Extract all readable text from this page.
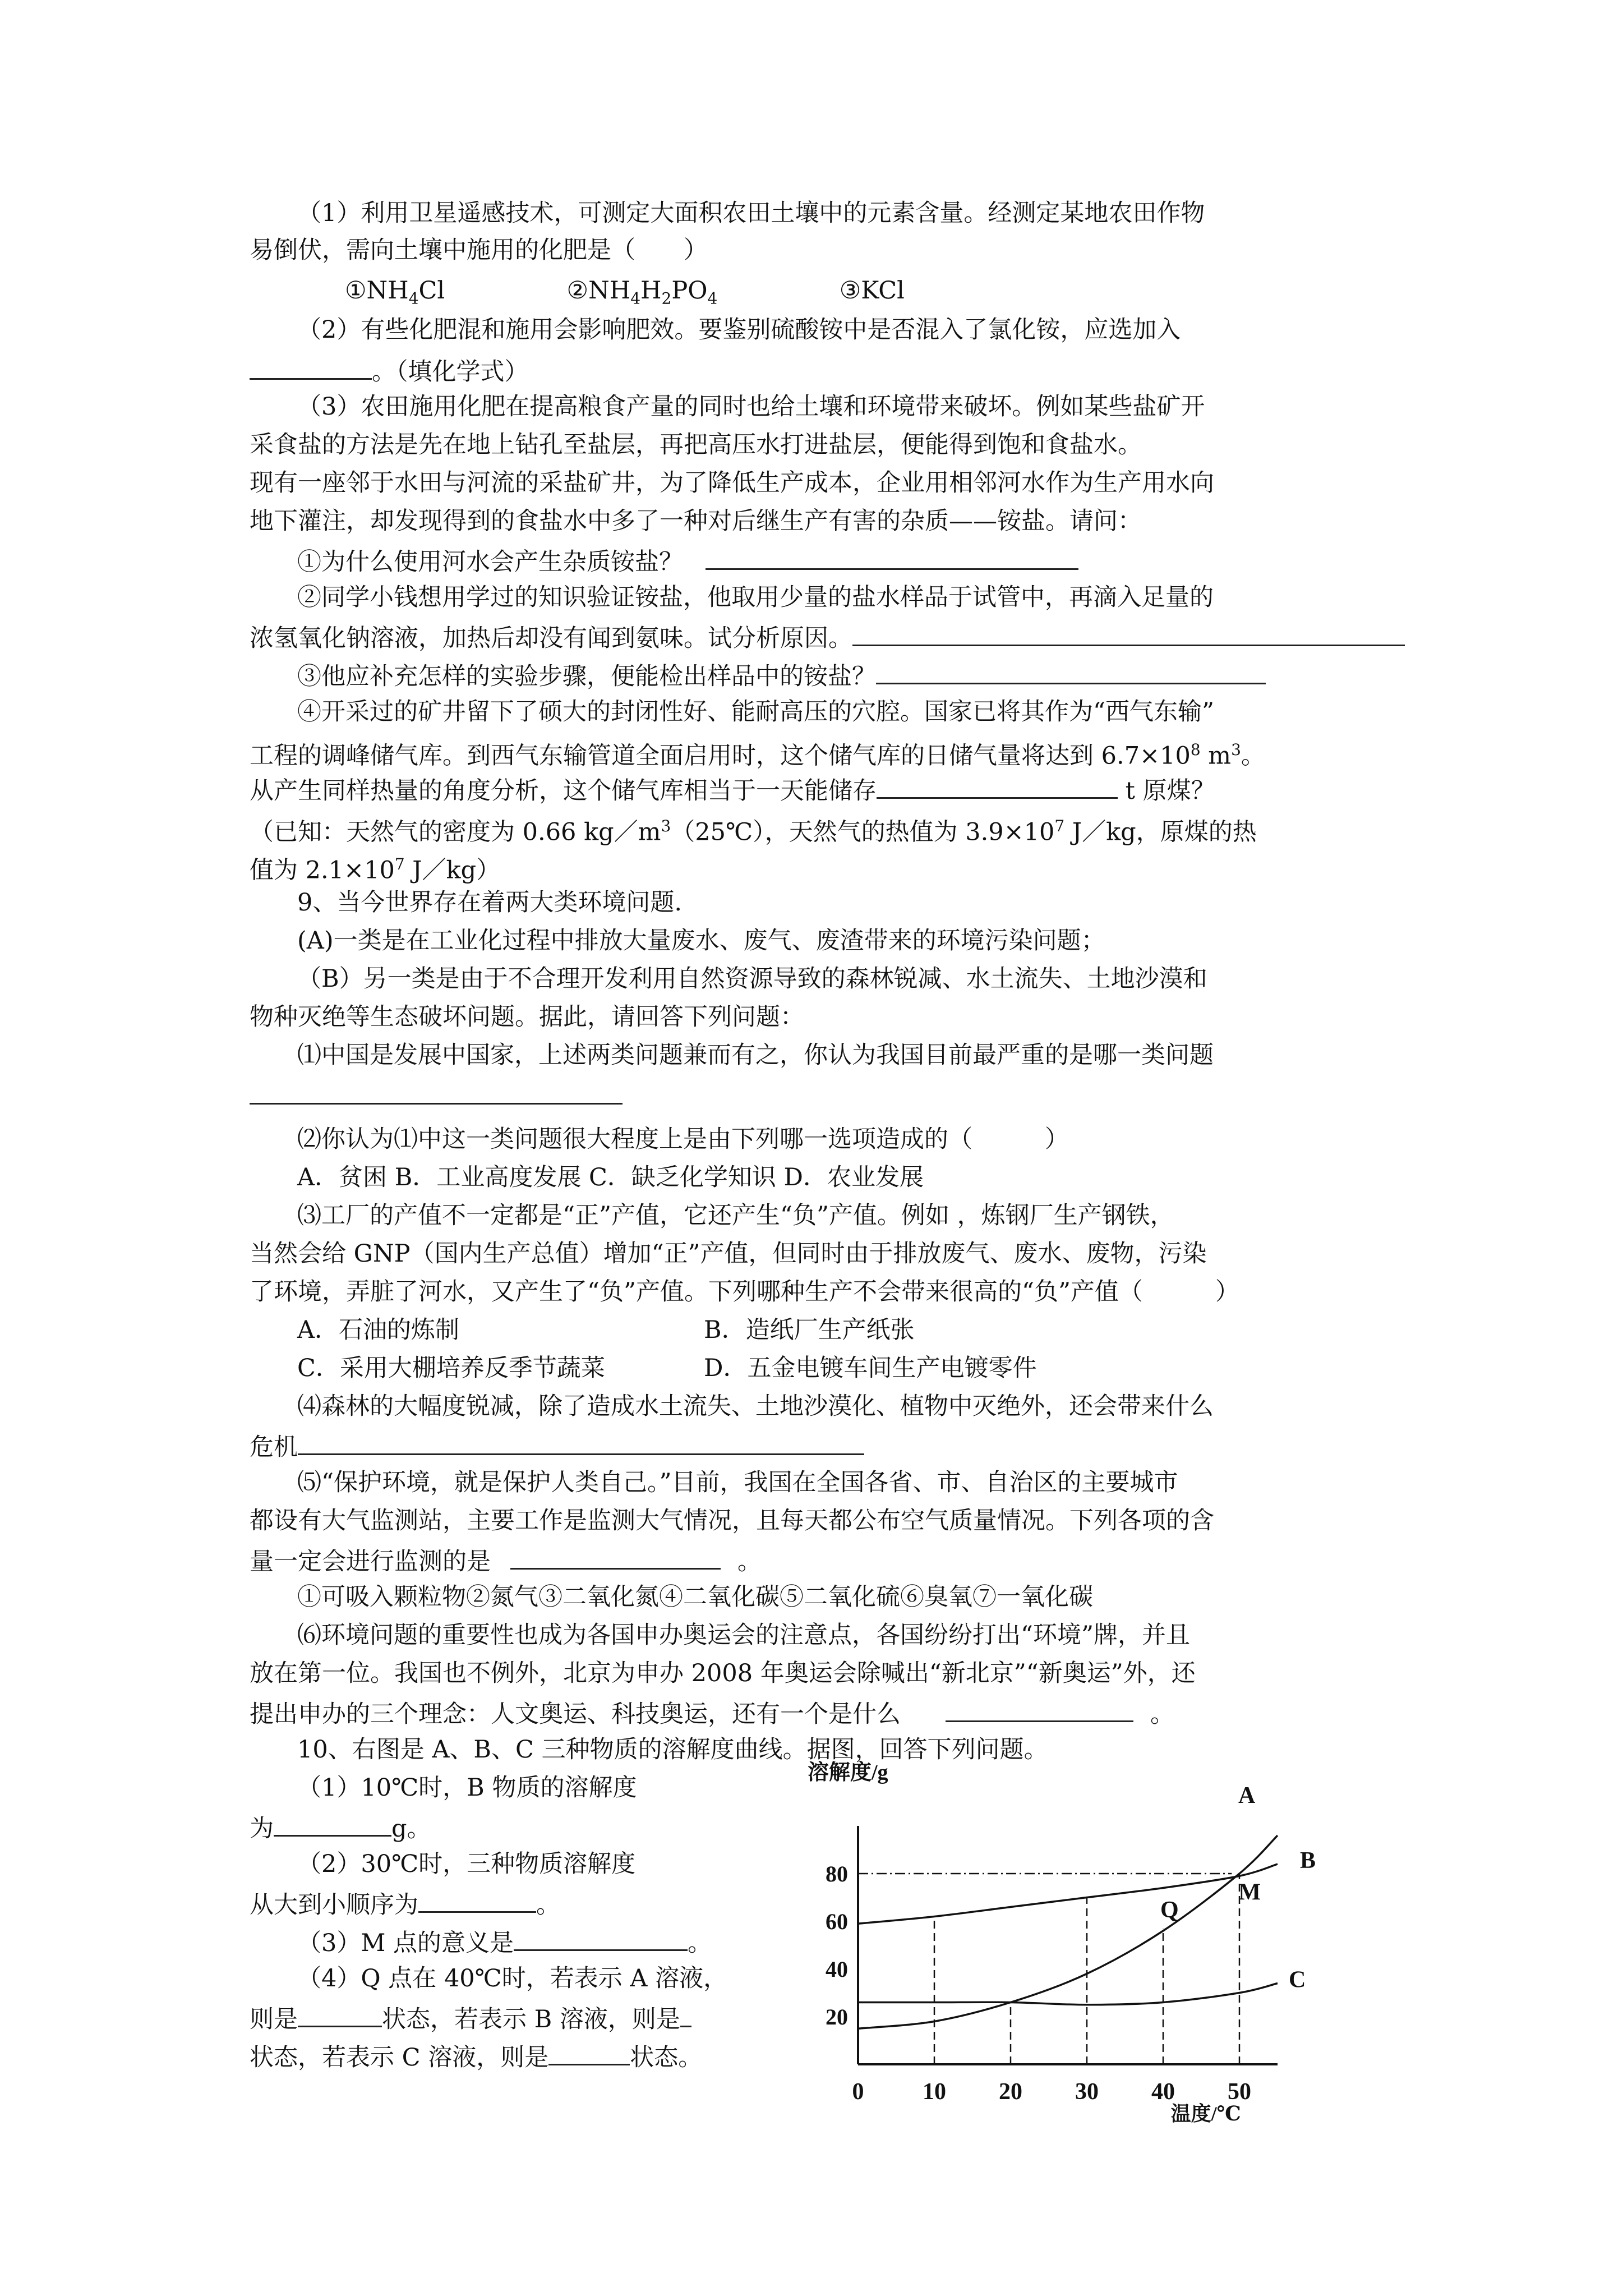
（1）利用卫星遥感技术，可测定大面积农田土壤中的元素含量。经测定某地农田作物
易倒伏，需向土壤中施用的化肥是（　　）
$①NH_4Cl$	$②NH_4H_2PO_4$	③KCl
（2）有些化肥混和施用会影响肥效。要鉴别硫酸铵中是否混入了氯化铵，应选加入
。（填化学式）
（3）农田施用化肥在提高粮食产量的同时也给土壤和环境带来破坏。例如某些盐矿开
采食盐的方法是先在地上钻孔至盐层，再把高压水打进盐层，便能得到饱和食盐水。
现有一座邻于水田与河流的采盐矿井，为了降低生产成本，企业用相邻河水作为生产用水向
地下灌注，却发现得到的食盐水中多了一种对后继生产有害的杂质——铵盐。请问：
①为什么使用河水会产生杂质铵盐？
②同学小钱想用学过的知识验证铵盐，他取用少量的盐水样品于试管中，再滴入足量的
浓氢氧化钠溶液，加热后却没有闻到氨味。试分析原因。
③他应补充怎样的实验步骤，便能检出样品中的铵盐？
④开采过的矿井留下了硕大的封闭性好、能耐高压的穴腔。国家已将其作为“西气东输”
工程的调峰储气库。到西气东输管道全面启用时，这个储气库的日储气量将达到 $6.7\times 10^8$ $m^3$。
从产生同样热量的角度分析，这个储气库相当于一天能储存	t 原煤？
（已知：天然气的密度为 0.66 $kg/m^3(25℃)$，天然气的热值为 $3.9\times 10^7$ J／kg，原煤的热
值为 $2.1\times 10^7$ J／kg）
9、当今世界存在着两大类环境问题.
(A)一类是在工业化过程中排放大量废水、废气、废渣带来的环境污染问题；
（B）另一类是由于不合理开发利用自然资源导致的森林锐减、水土流失、土地沙漠和
物种灭绝等生态破坏问题。据此，请回答下列问题：
⑴中国是发展中国家，上述两类问题兼而有之，你认为我国目前最严重的是哪一类问题
⑵你认为⑴中这一类问题很大程度上是由下列哪一选项造成的（　　　）
A．贫困 B．工业高度发展 C．缺乏化学知识 D．农业发展
⑶工厂的产值不一定都是“正”产值，它还产生“负”产值。例如 ，炼钢厂生产钢铁，
当然会给 GNP（国内生产总值）增加“正”产值，但同时由于排放废气、废水、废物，污染
了环境，弄脏了河水，又产生了“负”产值。下列哪种生产不会带来很高的“负”产值（　　　）
A．石油的炼制	B．造纸厂生产纸张
C．采用大棚培养反季节蔬菜	D．五金电镀车间生产电镀零件
⑷森林的大幅度锐减，除了造成水土流失、土地沙漠化、植物中灭绝外，还会带来什么
危机
⑸“保护环境，就是保护人类自己。”目前，我国在全国各省、市、自治区的主要城市
都设有大气监测站，主要工作是监测大气情况，且每天都公布空气质量情况。下列各项的含
量一定会进行监测的是	。
①可吸入颗粒物②氮气③二氧化氮④二氧化碳⑤二氧化硫⑥臭氧⑦一氧化碳
⑹环境问题的重要性也成为各国申办奥运会的注意点，各国纷纷打出“环境”牌，并且
放在第一位。我国也不例外，北京为申办 2008 年奥运会除喊出“新北京”“新奥运”外，还
提出申办的三个理念：人文奥运、科技奥运，还有一个是什么	。
10、右图是 A、B、C 三种物质的溶解度曲线。据图，回答下列问题。
（1）10℃时，B 物质的溶解度
为	g。
（2）30℃时，三种物质溶解度
从大到小顺序为	。
（3）M 点的意义是	。
（4）Q 点在 40℃时，若表示 A 溶液，
则是	状态，若表示 B 溶液，则是
状态，若表示 C 溶液，则是	状态。
A
B
C
M
Q
0 10 20 30 40 50
20
40
60
80
溶解度/g
温度/℃
